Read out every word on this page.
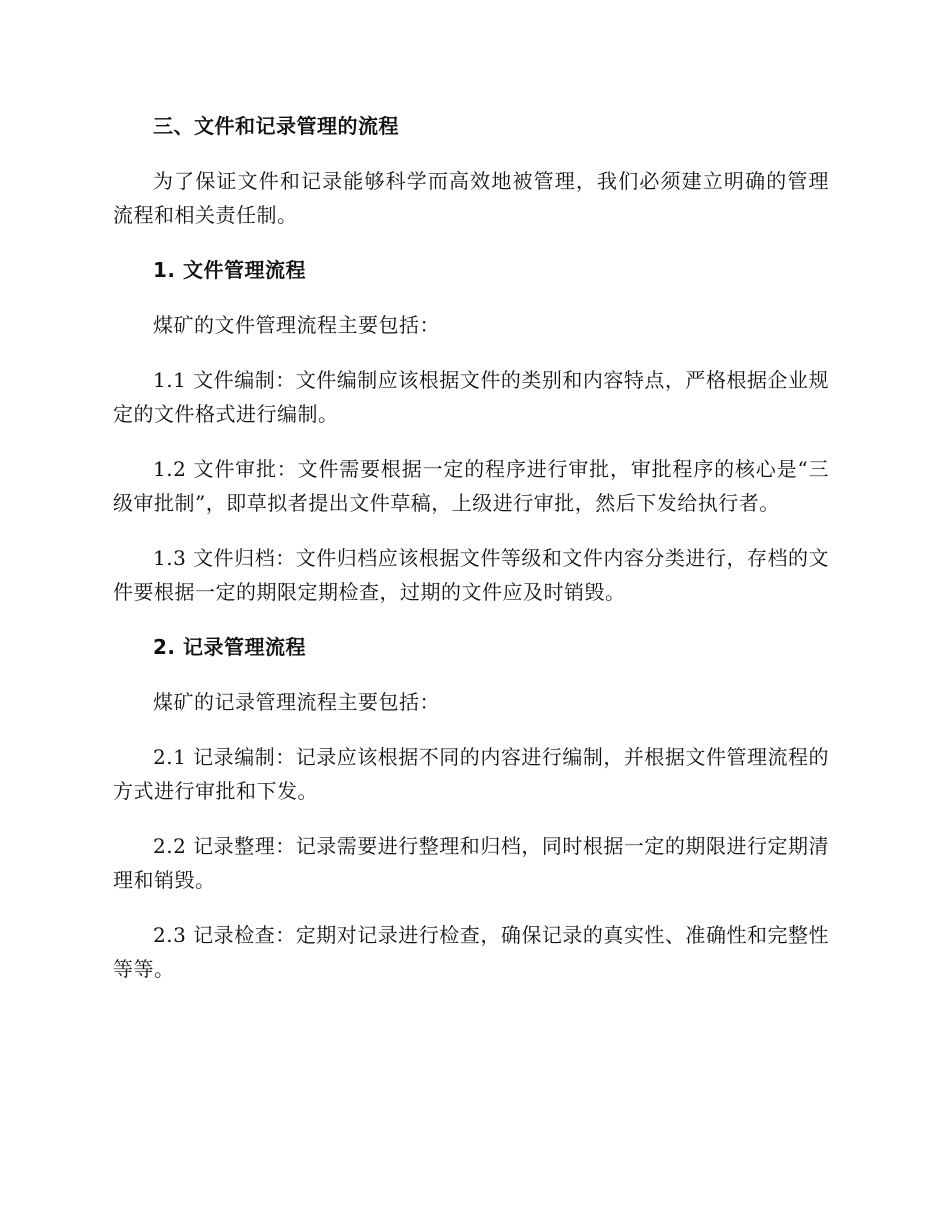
三、文件和记录管理的流程

为了保证文件和记录能够科学而高效地被管理，我们必须建立明确的管理流程和相关责任制。

1. 文件管理流程

煤矿的文件管理流程主要包括：

1.1 文件编制：文件编制应该根据文件的类别和内容特点，严格根据企业规定的文件格式进行编制。

1.2 文件审批：文件需要根据一定的程序进行审批，审批程序的核心是“三级审批制”，即草拟者提出文件草稿，上级进行审批，然后下发给执行者。

1.3 文件归档：文件归档应该根据文件等级和文件内容分类进行，存档的文件要根据一定的期限定期检查，过期的文件应及时销毁。

2. 记录管理流程

煤矿的记录管理流程主要包括：

2.1 记录编制：记录应该根据不同的内容进行编制，并根据文件管理流程的方式进行审批和下发。

2.2 记录整理：记录需要进行整理和归档，同时根据一定的期限进行定期清理和销毁。

2.3 记录检查：定期对记录进行检查，确保记录的真实性、准确性和完整性等等。
